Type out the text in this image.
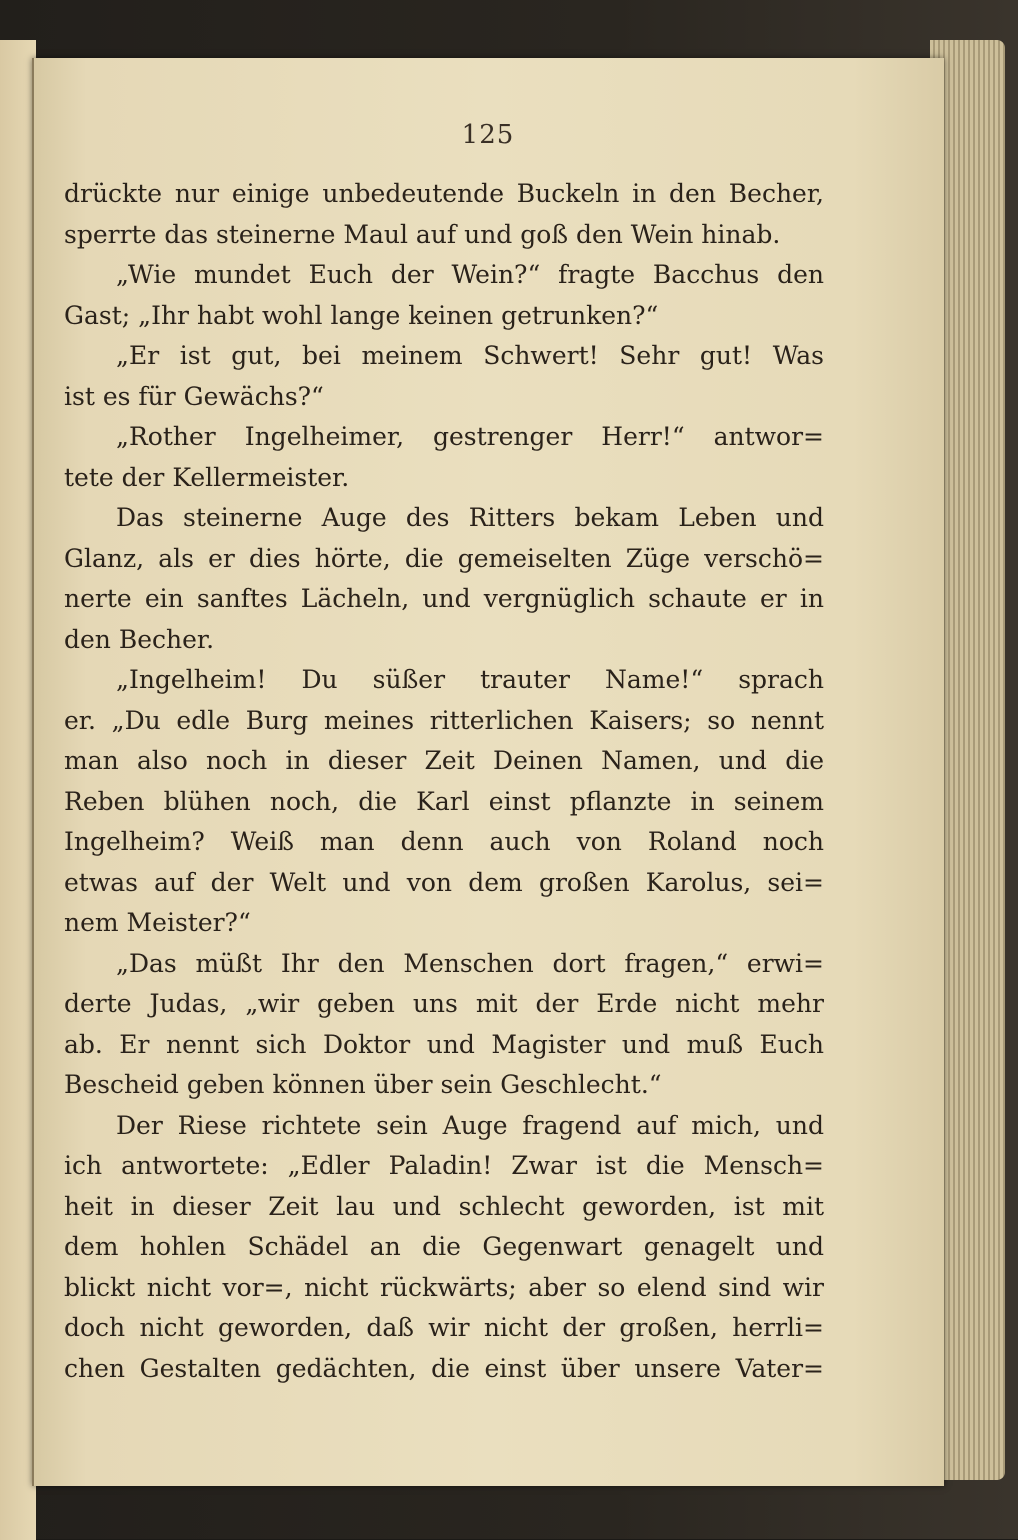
125
drückte nur einige unbedeutende Buckeln in den Becher,
sperrte das steinerne Maul auf und goß den Wein hinab.
„Wie mundet Euch der Wein?“ fragte Bacchus den
Gast; „Ihr habt wohl lange keinen getrunken?“
„Er ist gut, bei meinem Schwert! Sehr gut! Was
ist es für Gewächs?“
„Rother Ingelheimer, gestrenger Herr!“ antwor=
tete der Kellermeister.
Das steinerne Auge des Ritters bekam Leben und
Glanz, als er dies hörte, die gemeiselten Züge verschö=
nerte ein sanftes Lächeln, und vergnüglich schaute er in
den Becher.
„Ingelheim! Du süßer trauter Name!“ sprach
er. „Du edle Burg meines ritterlichen Kaisers; so nennt
man also noch in dieser Zeit Deinen Namen, und die
Reben blühen noch, die Karl einst pflanzte in seinem
Ingelheim? Weiß man denn auch von Roland noch
etwas auf der Welt und von dem großen Karolus, sei=
nem Meister?“
„Das müßt Ihr den Menschen dort fragen,“ erwi=
derte Judas, „wir geben uns mit der Erde nicht mehr
ab. Er nennt sich Doktor und Magister und muß Euch
Bescheid geben können über sein Geschlecht.“
Der Riese richtete sein Auge fragend auf mich, und
ich antwortete: „Edler Paladin! Zwar ist die Mensch=
heit in dieser Zeit lau und schlecht geworden, ist mit
dem hohlen Schädel an die Gegenwart genagelt und
blickt nicht vor=, nicht rückwärts; aber so elend sind wir
doch nicht geworden, daß wir nicht der großen, herrli=
chen Gestalten gedächten, die einst über unsere Vater=
